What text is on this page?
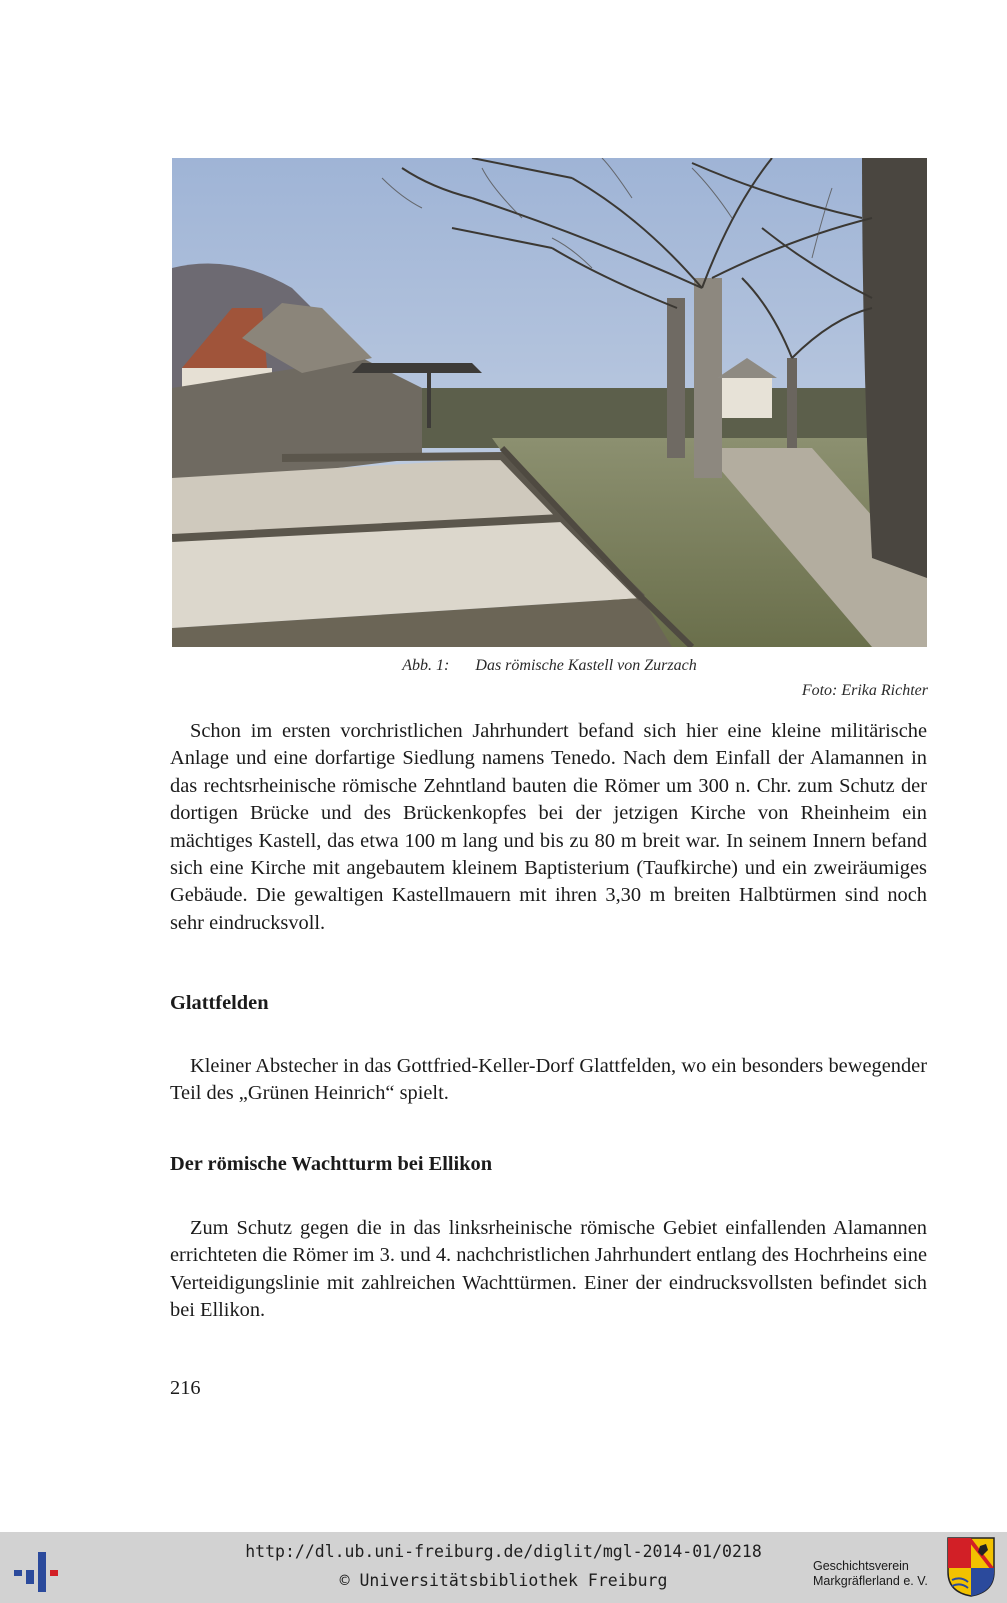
Abb. 1: Das römische Kastell von Zurzach
Foto: Erika Richter

Schon im ersten vorchristlichen Jahrhundert befand sich hier eine kleine militärische Anlage und eine dorfartige Siedlung namens Tenedo. Nach dem Einfall der Alamannen in das rechtsrheinische römische Zehntland bauten die Römer um 300 n. Chr. zum Schutz der dortigen Brücke und des Brückenkopfes bei der jetzigen Kirche von Rheinheim ein mächtiges Kastell, das etwa 100 m lang und bis zu 80 m breit war. In seinem Innern befand sich eine Kirche mit angebautem kleinem Baptisterium (Taufkirche) und ein zweiräumiges Gebäude. Die gewaltigen Kastellmauern mit ihren 3,30 m breiten Halbtürmen sind noch sehr eindrucksvoll.

Glattfelden

Kleiner Abstecher in das Gottfried-Keller-Dorf Glattfelden, wo ein besonders bewegender Teil des „Grünen Heinrich“ spielt.

Der römische Wachtturm bei Ellikon

Zum Schutz gegen die in das linksrheinische römische Gebiet einfallenden Alamannen errichteten die Römer im 3. und 4. nachchristlichen Jahrhundert entlang des Hochrheins eine Verteidigungslinie mit zahlreichen Wachttürmen. Einer der eindrucksvollsten befindet sich bei Ellikon.

216
http://dl.ub.uni-freiburg.de/diglit/mgl-2014-01/0218
© Universitätsbibliothek Freiburg
Geschichtsverein
Markgräflerland e. V.
